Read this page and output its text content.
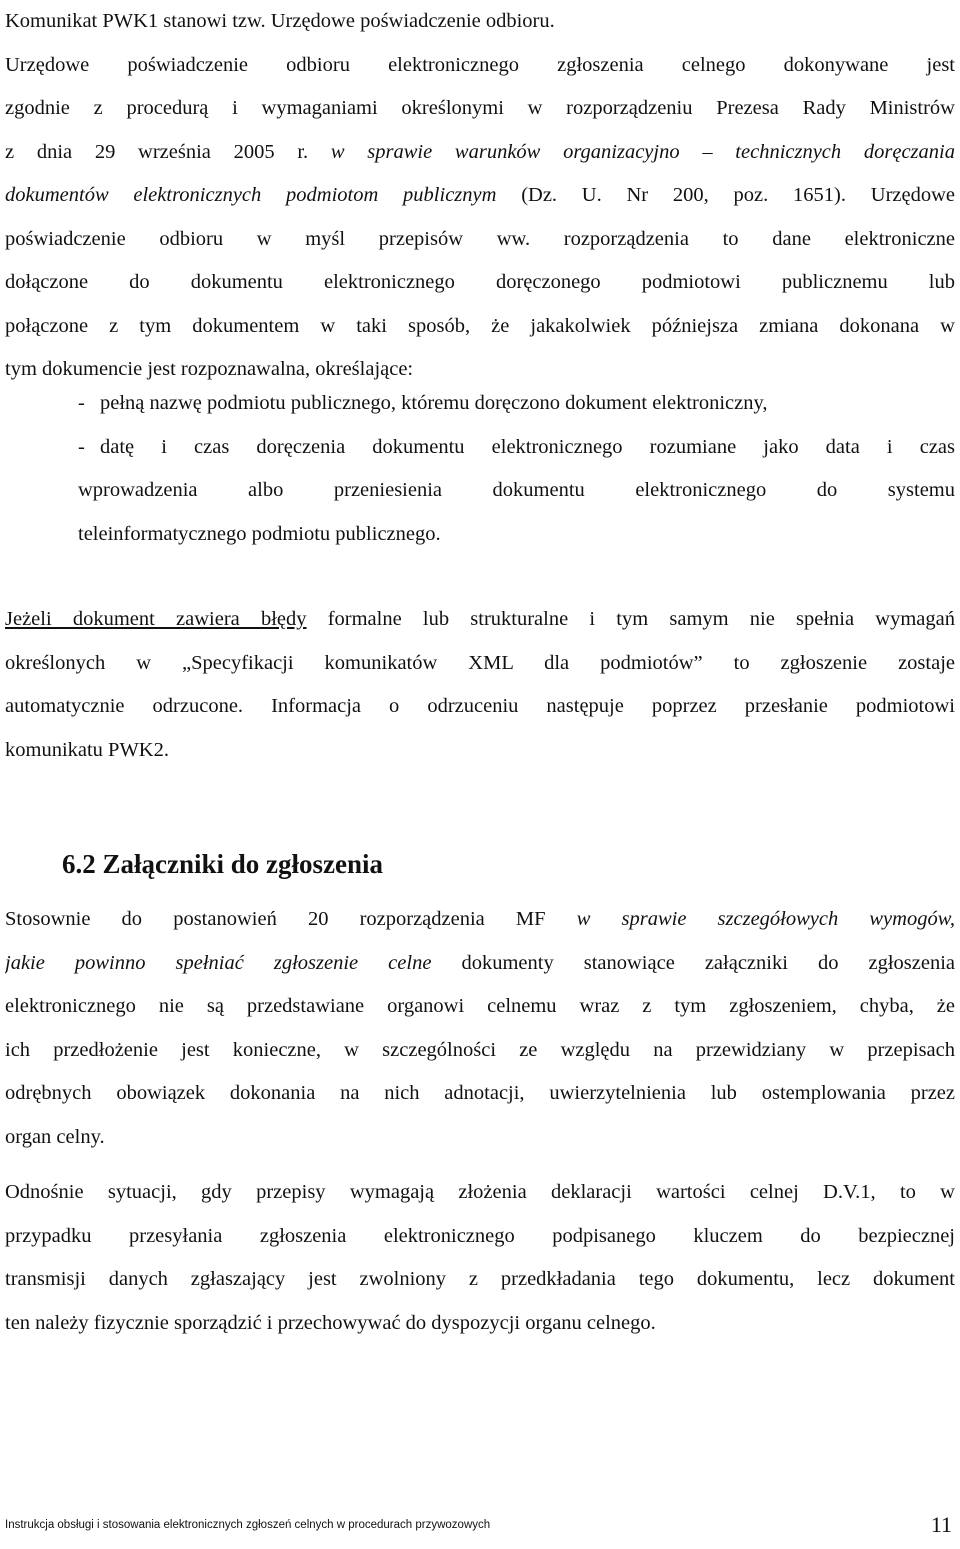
Komunikat PWK1 stanowi tzw. Urzędowe poświadczenie odbioru.
Urzędowe poświadczenie odbioru elektronicznego zgłoszenia celnego dokonywane jest
zgodnie z procedurą i wymaganiami określonymi w rozporządzeniu Prezesa Rady Ministrów
z dnia 29 września 2005 r. w sprawie warunków organizacyjno – technicznych doręczania
dokumentów elektronicznych podmiotom publicznym (Dz. U. Nr 200, poz. 1651). Urzędowe
poświadczenie odbioru w myśl przepisów ww. rozporządzenia to dane elektroniczne
dołączone do dokumentu elektronicznego doręczonego podmiotowi publicznemu lub
połączone z tym dokumentem w taki sposób, że jakakolwiek późniejsza zmiana dokonana w
tym dokumencie jest rozpoznawalna, określające:
- pełną nazwę podmiotu publicznego, któremu doręczono dokument elektroniczny,
- datę i czas doręczenia dokumentu elektronicznego rozumiane jako data i czas
wprowadzenia albo przeniesienia dokumentu elektronicznego do systemu
teleinformatycznego podmiotu publicznego.
Jeżeli dokument zawiera błędy formalne lub strukturalne i tym samym nie spełnia wymagań
określonych w „Specyfikacji komunikatów XML dla podmiotów” to zgłoszenie zostaje
automatycznie odrzucone. Informacja o odrzuceniu następuje poprzez przesłanie podmiotowi
komunikatu PWK2.
6.2 Załączniki do zgłoszenia
Stosownie do postanowień 20 rozporządzenia MF w sprawie szczegółowych wymogów,
jakie powinno spełniać zgłoszenie celne dokumenty stanowiące załączniki do zgłoszenia
elektronicznego nie są przedstawiane organowi celnemu wraz z tym zgłoszeniem, chyba, że
ich przedłożenie jest konieczne, w szczególności ze względu na przewidziany w przepisach
odrębnych obowiązek dokonania na nich adnotacji, uwierzytelnienia lub ostemplowania przez
organ celny.
Odnośnie sytuacji, gdy przepisy wymagają złożenia deklaracji wartości celnej D.V.1, to w
przypadku przesyłania zgłoszenia elektronicznego podpisanego kluczem do bezpiecznej
transmisji danych zgłaszający jest zwolniony z przedkładania tego dokumentu, lecz dokument
ten należy fizycznie sporządzić i przechowywać do dyspozycji organu celnego.
Instrukcja obsługi i stosowania elektronicznych zgłoszeń celnych w procedurach przywozowych	11
